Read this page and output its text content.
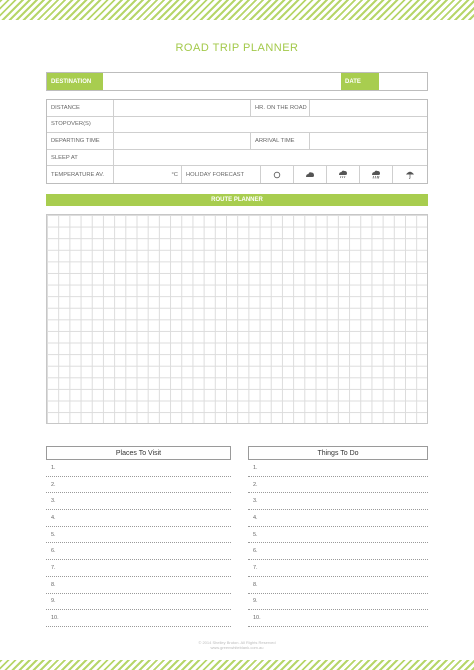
ROAD TRIP PLANNER
DESTINATION	DATE
DISTANCE	HR. ON THE ROAD
STOPOVER(S)
DEPARTING TIME	ARRIVAL TIME
SLEEP AT
TEMPERATURE AV.	°C	HOLIDAY FORECAST
ROUTE PLANNER
Places To Visit
1.
2.
3.
4.
5.
6.
7.
8.
9.
10.
Things To Do
1.
2.
3.
4.
5.
6.
7.
8.
9.
10.
© 2014 Shelley Bruton. All Rights Reserved
www.greenwhiteblank.com.au
